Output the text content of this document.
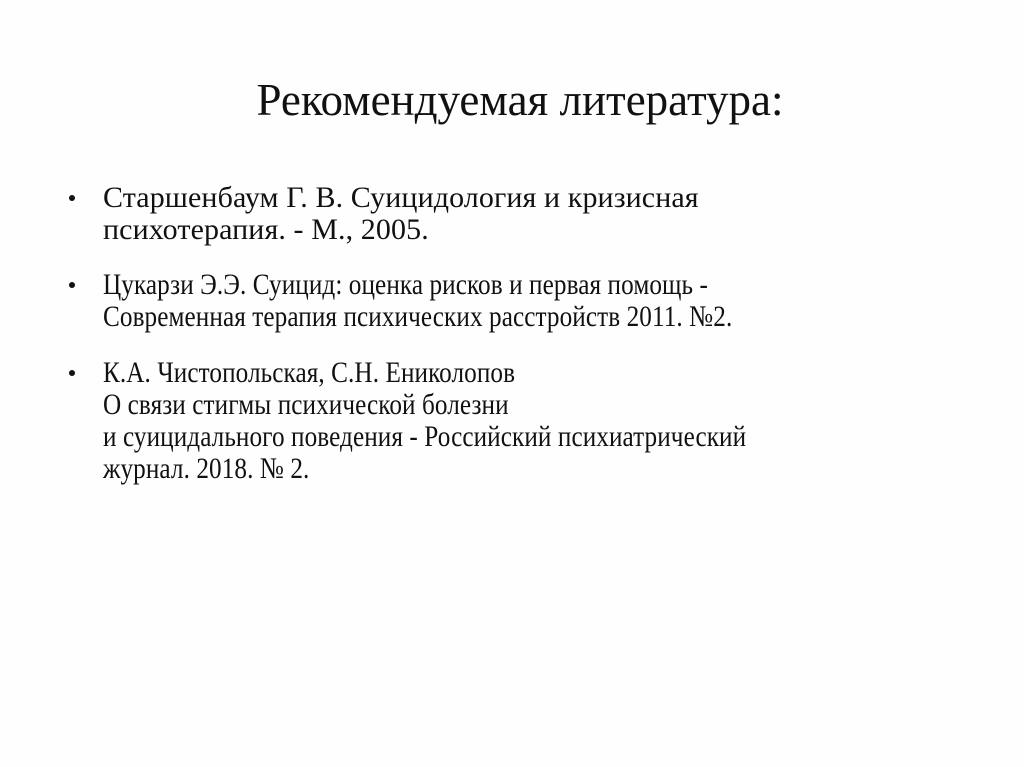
Рекомендуемая литература:
Старшенбаум Г. В. Суицидология и кризисная
психотерапия. - М., 2005.
Цукарзи Э.Э. Суицид: оценка рисков и первая помощь -
Современная терапия психических расстройств 2011. №2.
К.А. Чистопольская, С.Н. Ениколопов
О связи стигмы психической болезни
и суицидального поведения - Российский психиатрический
журнал. 2018. № 2.
